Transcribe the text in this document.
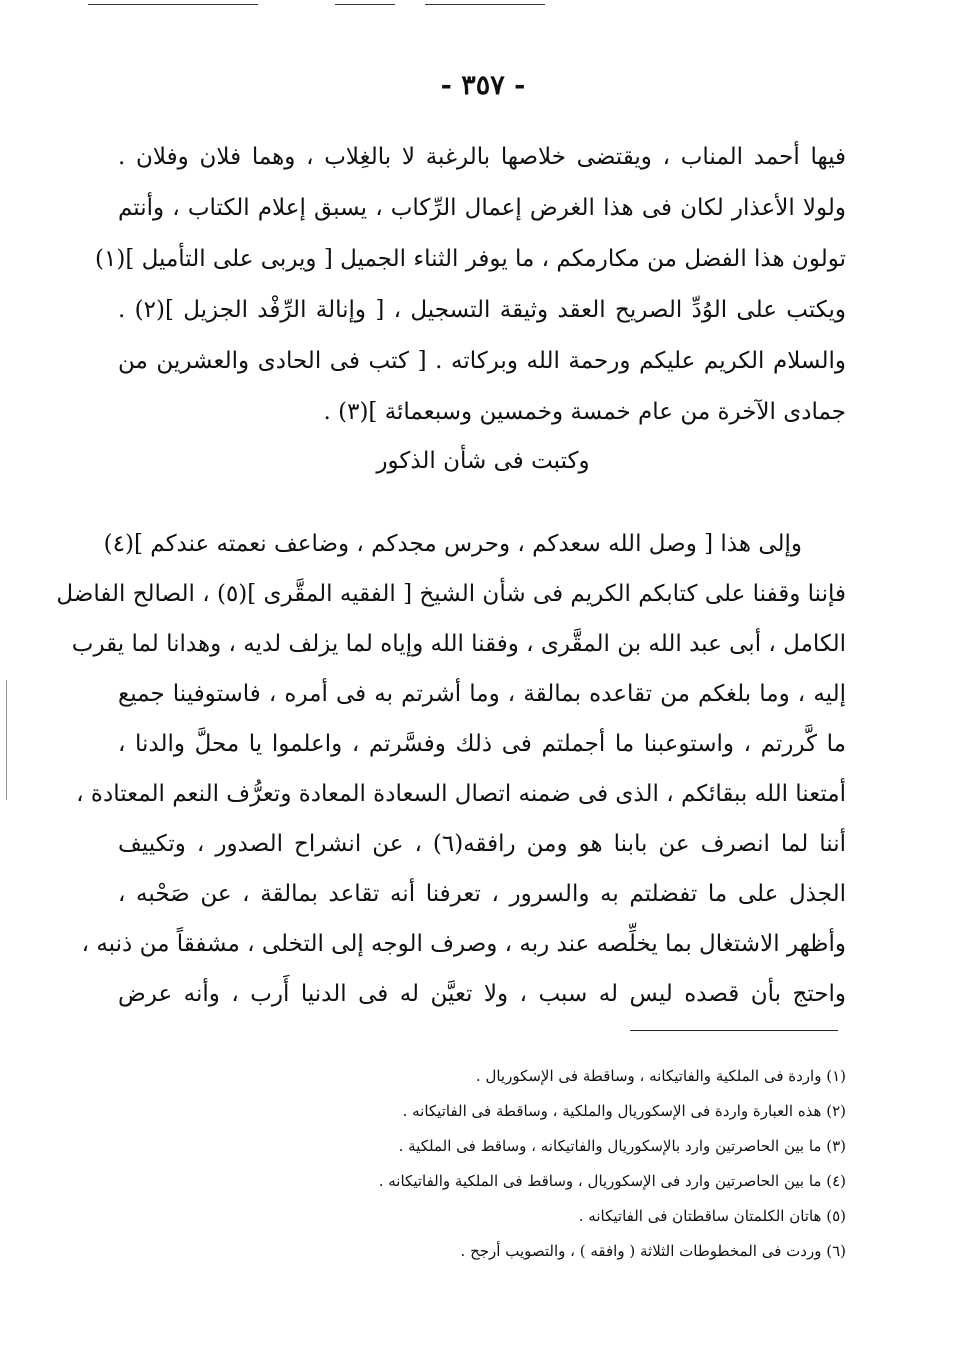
- ٣٥٧ -
فيها أحمد المناب ، ويقتضى خلاصها بالرغبة لا بالغِلاب ، وهما فلان وفلان .
ولولا الأعذار لكان فى هذا الغرض إعمال الرِّكاب ، يسبق إعلام الكتاب ، وأنتم
تولون هذا الفضل من مكارمكم ، ما يوفر الثناء الجميل [ ويربى على التأميل ](١)
ويكتب على الوُدِّ الصريح العقد وثيقة التسجيل ، [ وإنالة الرِّفْد الجزيل ](٢) .
والسلام الكريم عليكم ورحمة الله وبركاته . [ كتب فى الحادى والعشرين من
جمادى الآخرة من عام خمسة وخمسين وسبعمائة ](٣) .
وكتبت فى شأن الذكور
وإلى هذا [ وصل الله سعدكم ، وحرس مجدكم ، وضاعف نعمته عندكم ](٤)
فإننا وقفنا على كتابكم الكريم فى شأن الشيخ [ الفقيه المقَّرى ](٥) ، الصالح الفاضل
الكامل ، أبى عبد الله بن المقَّرى ، وفقنا الله وإياه لما يزلف لديه ، وهدانا لما يقرب
إليه ، وما بلغكم من تقاعده بمالقة ، وما أشرتم به فى أمره ، فاستوفينا جميع
ما كَّررتم ، واستوعبنا ما أجملتم فى ذلك وفسَّرتم ، واعلموا يا محلَّ والدنا ،
أمتعنا الله ببقائكم ، الذى فى ضمنه اتصال السعادة المعادة وتعرُّف النعم المعتادة ،
أننا لما انصرف عن بابنا هو ومن رافقه(٦) ، عن انشراح الصدور ، وتكييف
الجذل على ما تفضلتم به والسرور ، تعرفنا أنه تقاعد بمالقة ، عن صَحْبه ،
وأظهر الاشتغال بما يخلِّصه عند ربه ، وصرف الوجه إلى التخلى ، مشفقاً من ذنبه ،
واحتج بأن قصده ليس له سبب ، ولا تعيَّن له فى الدنيا أَرب ، وأنه عرض
(١) واردة فى الملكية والفاتيكانه ، وساقطة فى الإسكوريال .
(٢) هذه العبارة واردة فى الإسكوريال والملكية ، وساقطة فى الفاتيكانه .
(٣) ما بين الحاصرتين وارد بالإسكوريال والفاتيكانه ، وساقط فى الملكية .
(٤) ما بين الحاصرتين وارد فى الإسكوريال ، وساقط فى الملكية والفاتيكانه .
(٥) هاتان الكلمتان ساقطتان فى الفاتيكانه .
(٦) وردت فى المخطوطات الثلاثة ( وافقه ) ، والتصويب أرجح .
